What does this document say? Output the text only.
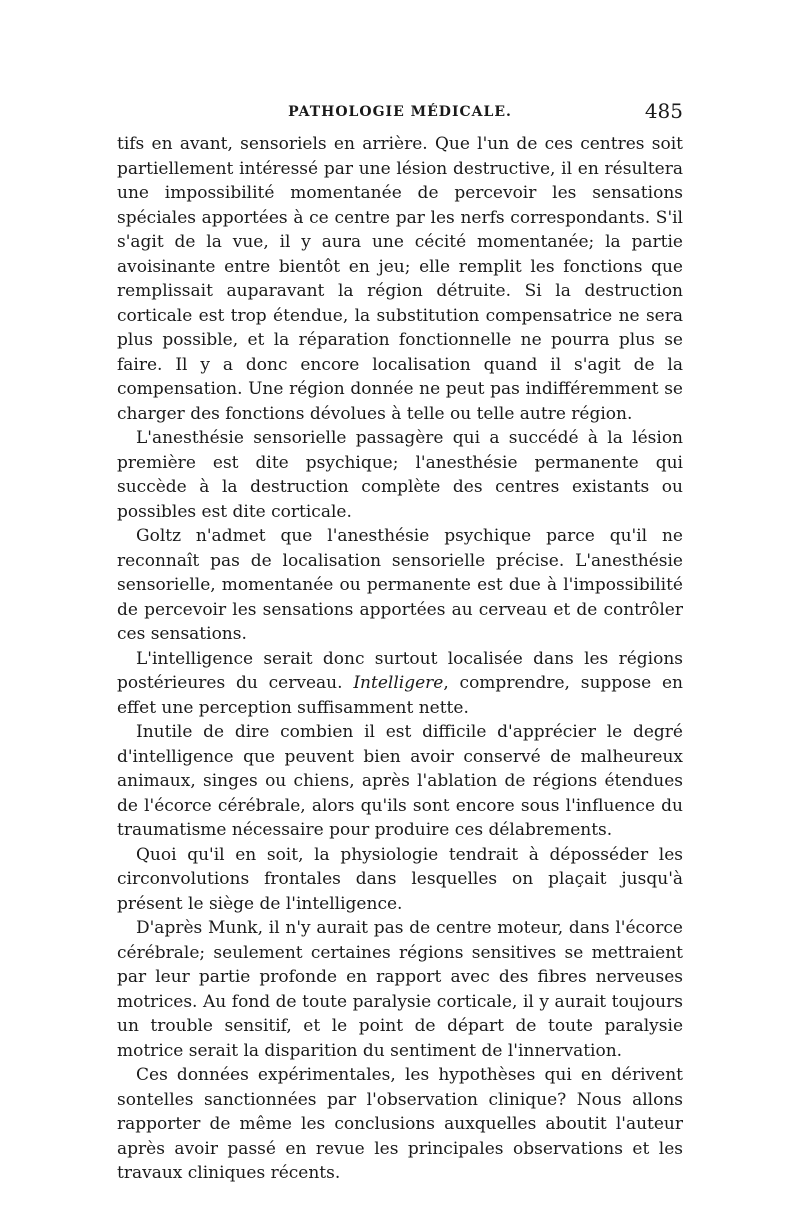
PATHOLOGIE MÉDICALE.	485

tifs en avant, sensoriels en arrière. Que l'un de ces centres soit partiellement intéressé par une lésion destructive, il en résultera une impossibilité momentanée de percevoir les sensations spéciales apportées à ce centre par les nerfs correspondants. S'il s'agit de la vue, il y aura une cécité momentanée; la partie avoisinante entre bientôt en jeu; elle remplit les fonctions que remplissait auparavant la région détruite. Si la destruction corticale est trop étendue, la substitution compensatrice ne sera plus possible, et la réparation fonctionnelle ne pourra plus se faire. Il y a donc encore localisation quand il s'agit de la compensation. Une région donnée ne peut pas indifféremment se charger des fonctions dévolues à telle ou telle autre région.

L'anesthésie sensorielle passagère qui a succédé à la lésion première est dite psychique; l'anesthésie permanente qui succède à la destruction complète des centres existants ou possibles est dite corticale.

Goltz n'admet que l'anesthésie psychique parce qu'il ne reconnaît pas de localisation sensorielle précise. L'anesthésie sensorielle, momentanée ou permanente est due à l'impossibilité de percevoir les sensations apportées au cerveau et de contrôler ces sensations.

L'intelligence serait donc surtout localisée dans les régions postérieures du cerveau. Intelligere, comprendre, suppose en effet une perception suffisamment nette.

Inutile de dire combien il est difficile d'apprécier le degré d'intelligence que peuvent bien avoir conservé de malheureux animaux, singes ou chiens, après l'ablation de régions étendues de l'écorce cérébrale, alors qu'ils sont encore sous l'influence du traumatisme nécessaire pour produire ces délabrements.

Quoi qu'il en soit, la physiologie tendrait à déposséder les circonvolutions frontales dans lesquelles on plaçait jusqu'à présent le siège de l'intelligence.

D'après Munk, il n'y aurait pas de centre moteur, dans l'écorce cérébrale; seulement certaines régions sensitives se mettraient par leur partie profonde en rapport avec des fibres nerveuses motrices. Au fond de toute paralysie corticale, il y aurait toujours un trouble sensitif, et le point de départ de toute paralysie motrice serait la disparition du sentiment de l'innervation.

Ces données expérimentales, les hypothèses qui en dérivent sontelles sanctionnées par l'observation clinique? Nous allons rapporter de même les conclusions auxquelles aboutit l'auteur après avoir passé en revue les principales observations et les travaux cliniques récents.
